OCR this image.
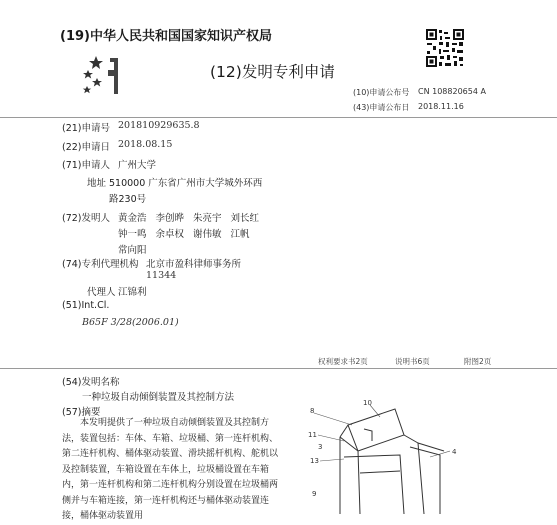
(19)中华人民共和国国家知识产权局
(12)发明专利申请
(10)申请公布号 CN 108820654 A
(43)申请公布日 2018.11.16
(21)申请号 201810929635.8
(22)申请日 2018.08.15
(71)申请人 广州大学
地址 510000 广东省广州市大学城外环西
路230号
(72)发明人 黄金浩 李创晔 朱亮宇 刘长红
钟一鸣 余卓权 谢伟敏 江帆
常向阳
(74)专利代理机构 北京市盈科律师事务所
11344
代理人 江锦利
(51)Int.Cl.
B65F 3/28(2006.01)
权利要求书2页	说明书6页	附图2页
(54)发明名称
一种垃圾自动倾倒装置及其控制方法
(57)摘要
本发明提供了一种垃圾自动倾倒装置及其控制方法，装置包括：车体、车箱、垃圾桶、第一连杆机构、第二连杆机构、桶体驱动装置、滑块摇杆机构、舵机以及控制装置，车箱设置在车体上，垃圾桶设置在车箱内，第一连杆机构和第二连杆机构分别设置在垃圾桶两侧并与车箱连接，第一连杆机构还与桶体驱动装置连接，桶体驱动装置用
8
10
11
13
3
4
9
